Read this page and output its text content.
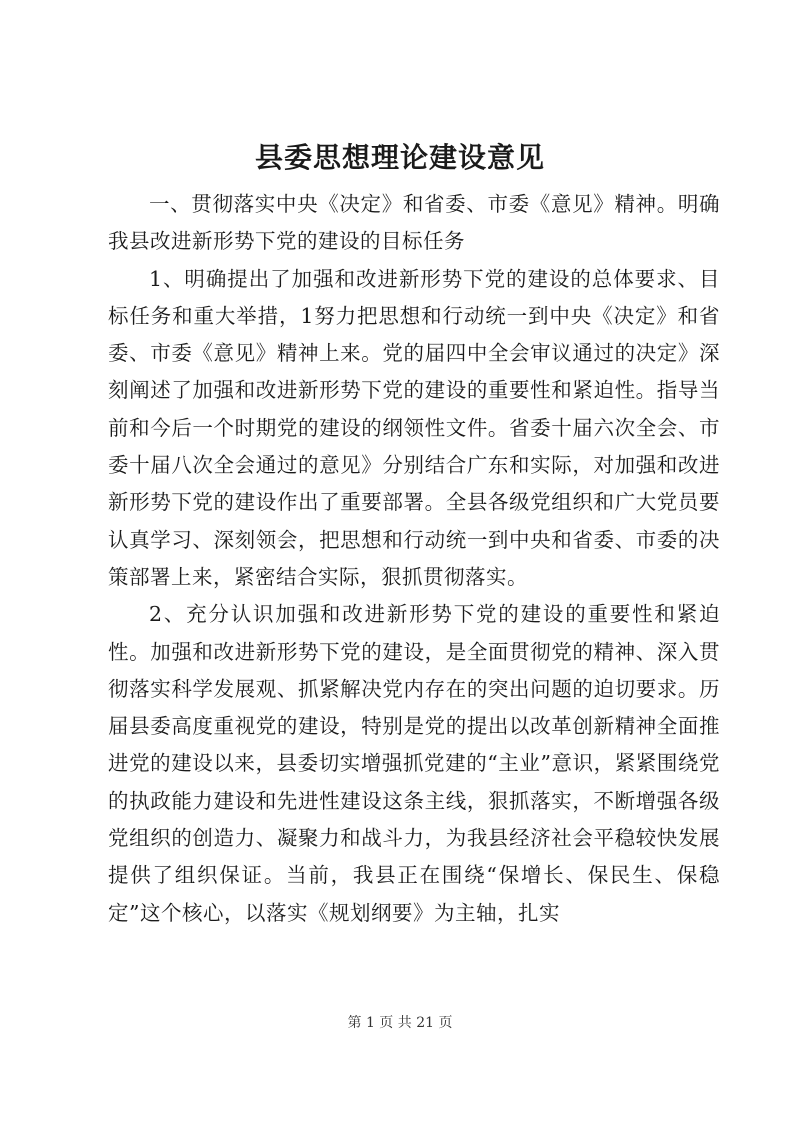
县委思想理论建设意见

一、贯彻落实中央《决定》和省委、市委《意见》精神。明确我县改进新形势下党的建设的目标任务

1、明确提出了加强和改进新形势下党的建设的总体要求、目标任务和重大举措，1努力把思想和行动统一到中央《决定》和省委、市委《意见》精神上来。党的届四中全会审议通过的决定》深刻阐述了加强和改进新形势下党的建设的重要性和紧迫性。指导当前和今后一个时期党的建设的纲领性文件。省委十届六次全会、市委十届八次全会通过的意见》分别结合广东和实际，对加强和改进新形势下党的建设作出了重要部署。全县各级党组织和广大党员要认真学习、深刻领会，把思想和行动统一到中央和省委、市委的决策部署上来，紧密结合实际，狠抓贯彻落实。

2、充分认识加强和改进新形势下党的建设的重要性和紧迫性。加强和改进新形势下党的建设，是全面贯彻党的精神、深入贯彻落实科学发展观、抓紧解决党内存在的突出问题的迫切要求。历届县委高度重视党的建设，特别是党的提出以改革创新精神全面推进党的建设以来，县委切实增强抓党建的“主业”意识，紧紧围绕党的执政能力建设和先进性建设这条主线，狠抓落实，不断增强各级党组织的创造力、凝聚力和战斗力，为我县经济社会平稳较快发展提供了组织保证。当前，我县正在围绕“保增长、保民生、保稳定”这个核心，以落实《规划纲要》为主轴，扎实

第 1 页 共 21 页
